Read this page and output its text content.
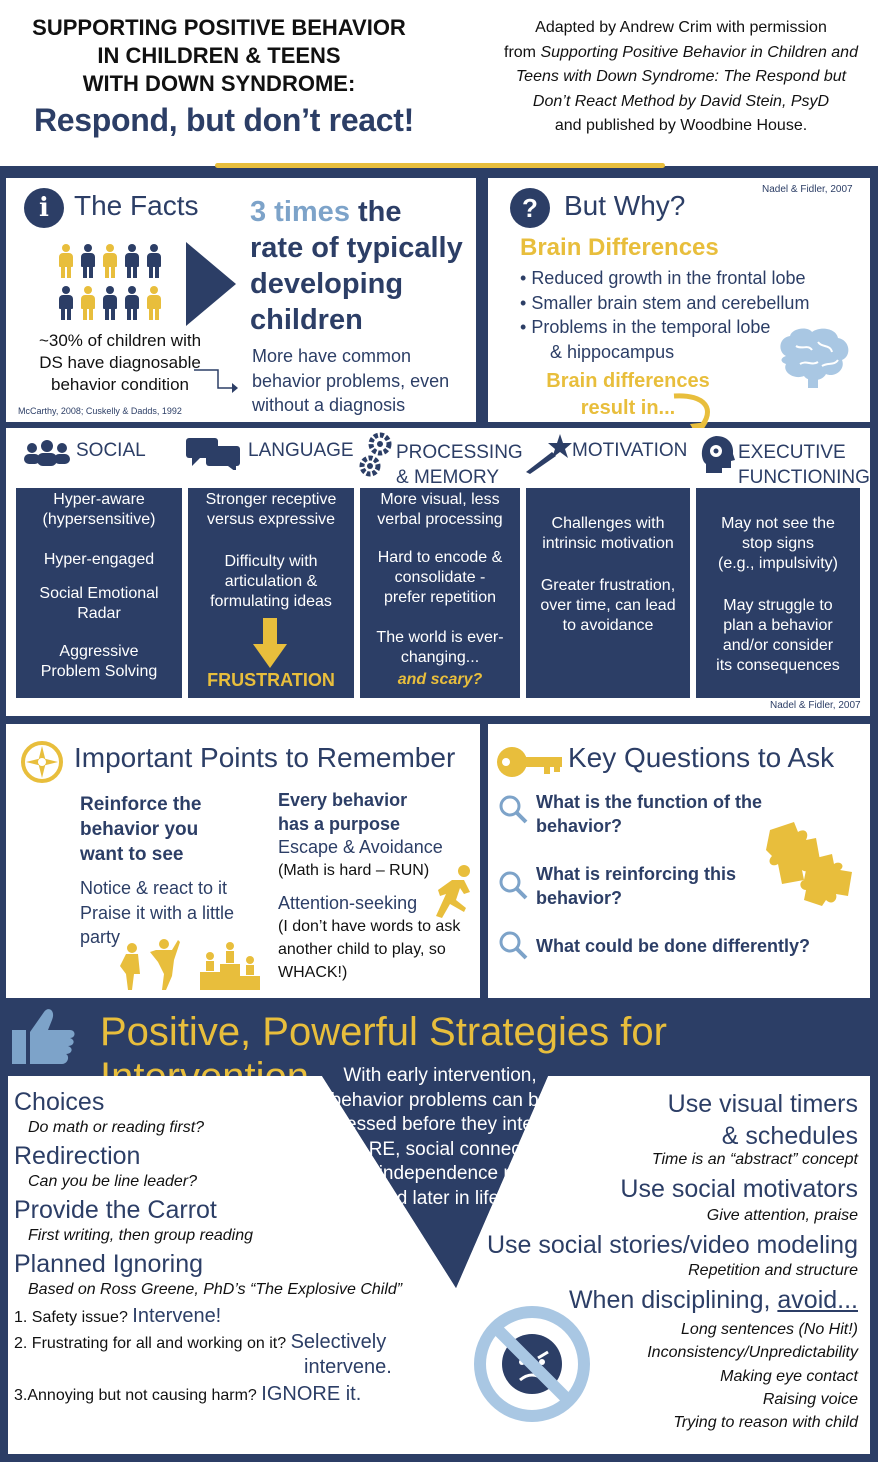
SUPPORTING POSITIVE BEHAVIOR
IN CHILDREN & TEENS
WITH DOWN SYNDROME:
Respond, but don’t react!
Adapted by Andrew Crim with permission
from Supporting Positive Behavior in Children and
Teens with Down Syndrome: The Respond but
Don’t React Method by David Stein, PsyD
and published by Woodbine House.
i The Facts
~30% of children with
DS have diagnosable
behavior condition
3 times the
rate of typically
developing
children
More have common
behavior problems, even
without a diagnosis
McCarthy, 2008; Cuskelly & Dadds, 1992
? But Why?
Nadel & Fidler, 2007
Brain Differences
• Reduced growth in the frontal lobe
• Smaller brain stem and cerebellum
• Problems in the temporal lobe
& hippocampus
Brain differences
result in...
SOCIAL	LANGUAGE PROCESSING
& MEMORY
MOTIVATION	EXECUTIVE
FUNCTIONING

Hyper-aware

(hypersensitive)

Hyper-engaged

Social Emotional

Radar

Aggressive

Problem Solving

Stronger receptive

versus expressive

Difficulty with

articulation &

formulating ideas

FRUSTRATION

More visual, less

verbal processing

Hard to encode &

consolidate -

prefer repetition

The world is ever-

changing...

and scary?

Challenges with

intrinsic motivation

Greater frustration,

over time, can lead

to avoidance

May not see the

stop signs

(e.g., impulsivity)

May struggle to

plan a behavior

and/or consider

its consequences

Nadel & Fidler, 2007
Important Points to Remember
Reinforce the
behavior you
want to see
Notice & react to it
Praise it with a little
party
Every behavior
has a purpose
Escape & Avoidance
(Math is hard – RUN)
Attention-seeking
(I don’t have words to ask
another child to play, so
WHACK!)
Key Questions to Ask
What is the function of the
behavior?
What is reinforcing this
behavior?
What could be done differently?
Positive, Powerful Strategies for
With early intervention,
behavior problems can be
addressed before they interfere
with LRE, social connections
and independence now
and later in life!
Choices
Do math or reading first?
Redirection
Can you be line leader?
Provide the Carrot
First writing, then group reading
Planned Ignoring
Based on Ross Greene, PhD’s “The Explosive Child”
1. Safety issue? Intervene!
2. Frustrating for all and working on it? Selectively
intervene.
3.Annoying but not causing harm? IGNORE it.
Use visual timers
& schedules
Time is an “abstract” concept
Use social motivators
Give attention, praise
Use social stories/video modeling
Repetition and structure
When disciplining, avoid...
Long sentences (No Hit!)
Inconsistency/Unpredictability
Making eye contact
Raising voice
Trying to reason with child
